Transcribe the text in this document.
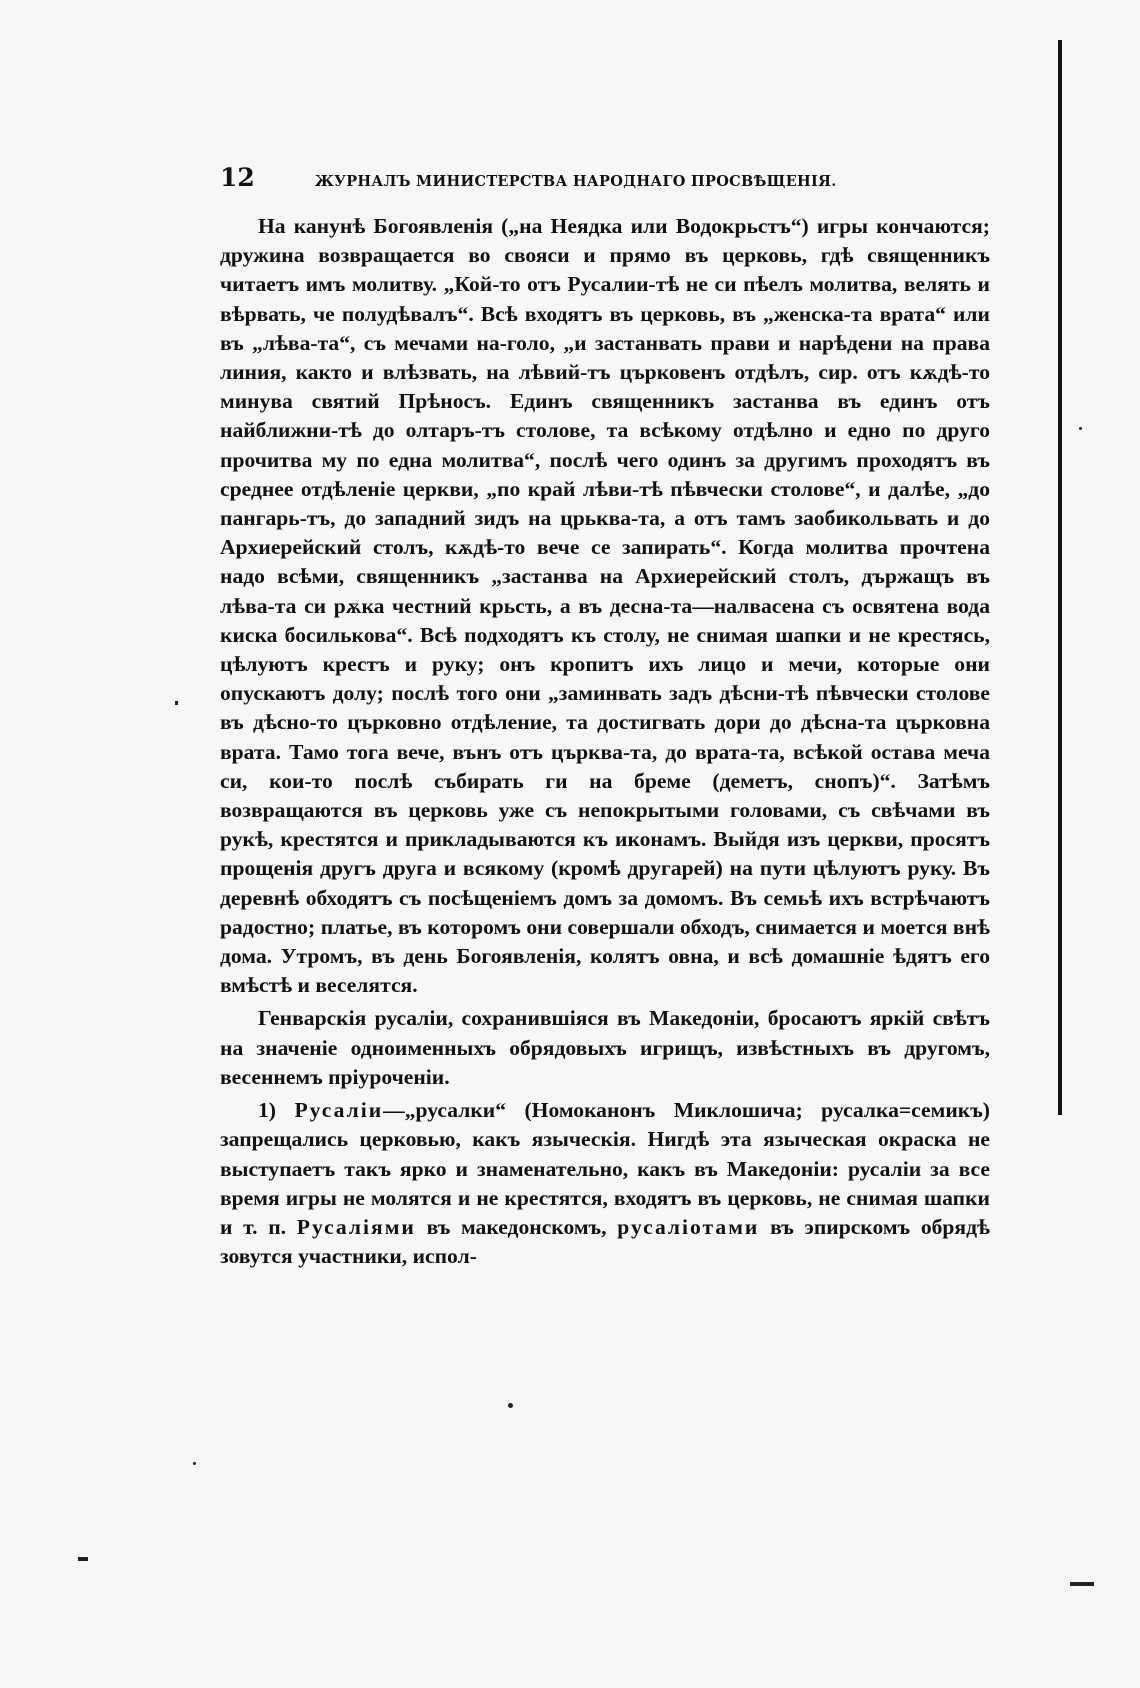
12	ЖУРНАЛЪ МИНИСТЕРСТВА НАРОДНАГО ПРОСВѢЩЕНІЯ.

На канунѣ Богоявленія („на Неядка или Водокрьстъ“) игры кончаются; дружина возвращается во свояси и прямо въ церковь, гдѣ священникъ читаетъ имъ молитву. „Кой-то отъ Русалии-тѣ не си пѣелъ молитва, велять и вѣрвать, че полудѣвалъ“. Всѣ входятъ въ церковь, въ „женска-та врата“ или въ „лѣва-та“, съ мечами на-голо, „и застанвать прави и нарѣдени на права линия, както и влѣзвать, на лѣвий-тъ църковенъ отдѣлъ, сир. отъ кѫдѣ-то минува святий Прѣносъ. Единъ священникъ застанва въ единъ отъ найближни-тѣ до олтаръ-тъ столове, та всѣкому отдѣлно и едно по друго прочитва му по една молитва“, послѣ чего одинъ за другимъ проходятъ въ среднее отдѣленіе церкви, „по край лѣви-тѣ пѣвчески столове“, и далѣе, „до пангарь-тъ, до западний зидъ на црьква-та, а отъ тамъ заобикольвать и до Архиерейский столъ, кѫдѣ-то вече се запирать“. Когда молитва прочтена надо всѣми, священникъ „застанва на Архиерейский столъ, държащъ въ лѣва-та си рѫка честний крьсть, а въ десна-та—налвасена съ освятена вода киска босильковa“. Всѣ подходятъ къ столу, не снимая шапки и не крестясь, цѣлуютъ крестъ и руку; онъ кропитъ ихъ лицо и мечи, которые они опускаютъ долу; послѣ того они „заминвать задъ дѣсни-тѣ пѣвчески столове въ дѣсно-то църковно отдѣление, та достигвать дори до дѣсна-та църковна врата. Тамо тога вече, вънъ отъ църква-та, до врата-та, всѣкой остава меча си, кои-то послѣ събирать ги на бреме (деметъ, снопъ)“. Затѣмъ возвращаются въ церковь уже съ непокрытыми головами, съ свѣчами въ рукѣ, крестятся и прикладываются къ иконамъ. Выйдя изъ церкви, просятъ прощенія другъ друга и всякому (кромѣ другарей) на пути цѣлуютъ руку. Въ деревнѣ обходятъ съ посѣщеніемъ домъ за домомъ. Въ семьѣ ихъ встрѣчаютъ радостно; платье, въ которомъ они совершали обходъ, снимается и моется внѣ дома. Утромъ, въ день Богоявленія, колятъ овна, и всѣ домашніе ѣдятъ его вмѣстѣ и веселятся.

Генварскія русаліи, сохранившіяся въ Македоніи, бросаютъ яркій свѣтъ на значеніе одноименныхъ обрядовыхъ игрищъ, извѣстныхъ въ другомъ, весеннемъ пріуроченіи.

1) Русаліи—„русалки“ (Номоканонъ Миклошича; русалка=семикъ) запрещались церковью, какъ языческія. Нигдѣ эта языческая окраска не выступаетъ такъ ярко и знаменательно, какъ въ Македоніи: русаліи за все время игры не молятся и не крестятся, входятъ въ церковь, не снимая шапки и т. п. Русаліями въ македонскомъ, русаліотами въ эпирскомъ обрядѣ зовутся участники, испол-
